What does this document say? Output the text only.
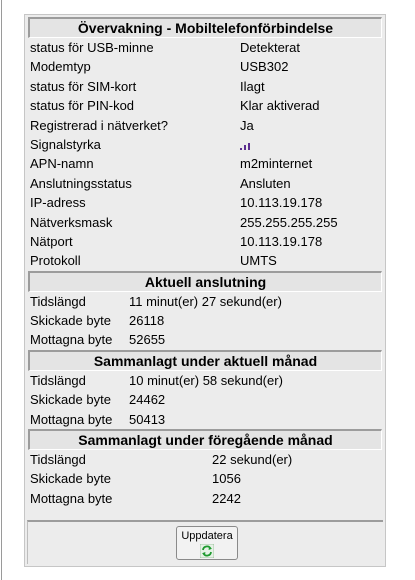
Övervakning - Mobiltelefonförbindelse
status för USB-minne	Detekterat
Modemtyp	USB302
status för SIM-kort	Ilagt
status för PIN-kod	Klar aktiverad
Registrerad i nätverket?	Ja
Signalstyrka
APN-namn	m2minternet
Anslutningsstatus	Ansluten
IP-adress	10.113.19.178
Nätverksmask	255.255.255.255
Nätport	10.113.19.178
Protokoll	UMTS
Aktuell anslutning
Tidslängd	11 minut(er) 27 sekund(er)
Skickade byte 26118
Mottagna byte 52655
Sammanlagt under aktuell månad
Tidslängd	10 minut(er) 58 sekund(er)
Skickade byte 24462
Mottagna byte 50413
Sammanlagt under föregående månad
Tidslängd	22 sekund(er)
Skickade byte	1056
Mottagna byte	2242
Uppdatera
